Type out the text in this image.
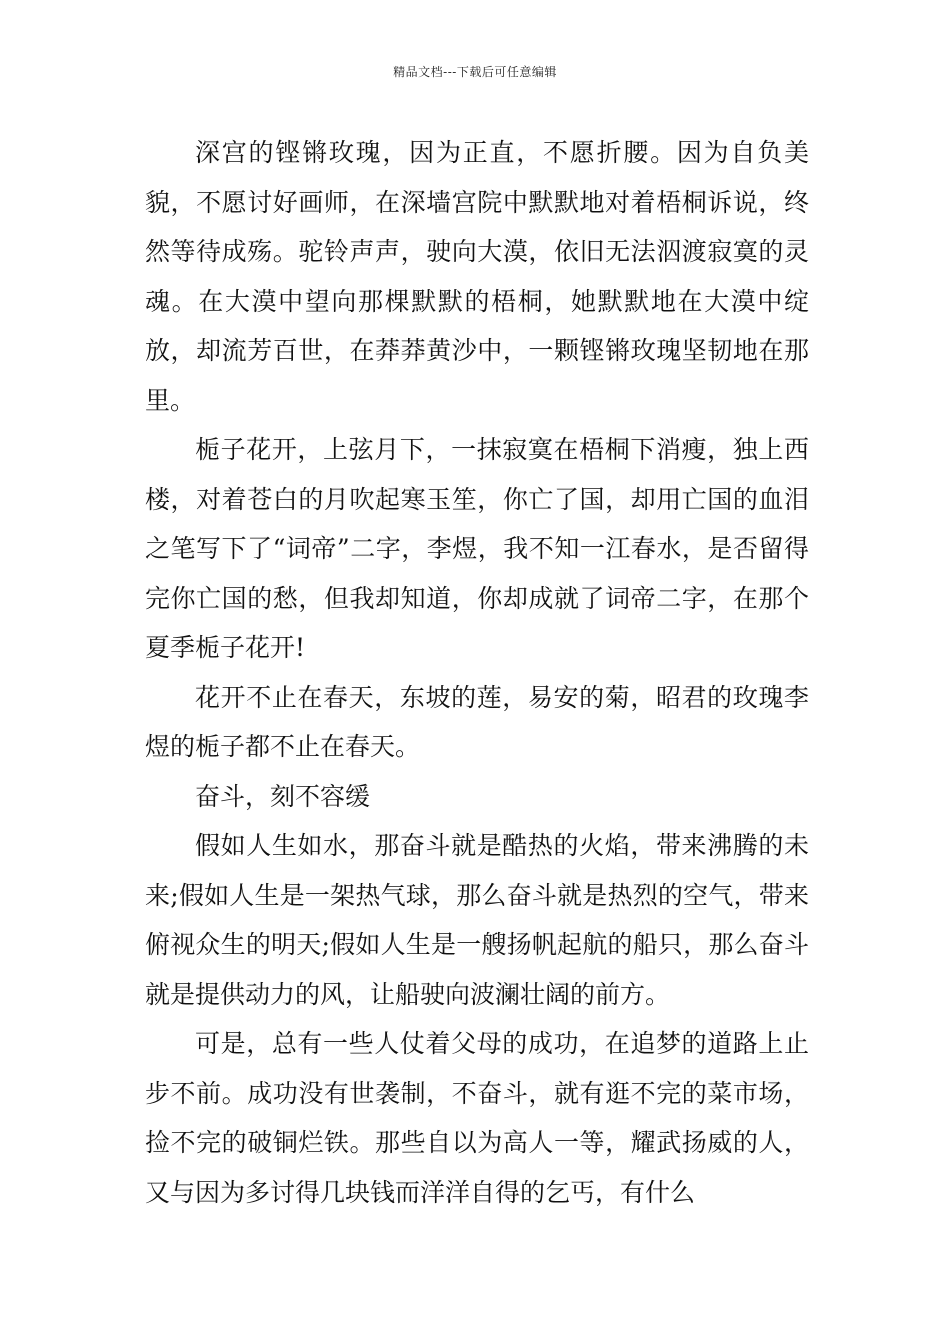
精品文档---下载后可任意编辑

深宫的铿锵玫瑰，因为正直，不愿折腰。因为自负美貌，不愿讨好画师，在深墙宫院中默默地对着梧桐诉说，终然等待成殇。驼铃声声，驶向大漠，依旧无法泅渡寂寞的灵魂。在大漠中望向那棵默默的梧桐，她默默地在大漠中绽放，却流芳百世，在莽莽黄沙中，一颗铿锵玫瑰坚韧地在那里。

栀子花开，上弦月下，一抹寂寞在梧桐下消瘦，独上西楼，对着苍白的月吹起寒玉笙，你亡了国，却用亡国的血泪之笔写下了“词帝”二字，李煜，我不知一江春水，是否留得完你亡国的愁，但我却知道，你却成就了词帝二字，在那个夏季栀子花开!

花开不止在春天，东坡的莲，易安的菊，昭君的玫瑰李煜的栀子都不止在春天。

奋斗，刻不容缓

假如人生如水，那奋斗就是酷热的火焰，带来沸腾的未来;假如人生是一架热气球，那么奋斗就是热烈的空气，带来俯视众生的明天;假如人生是一艘扬帆起航的船只，那么奋斗就是提供动力的风，让船驶向波澜壮阔的前方。

可是，总有一些人仗着父母的成功，在追梦的道路上止步不前。成功没有世袭制，不奋斗，就有逛不完的菜市场，捡不完的破铜烂铁。那些自以为高人一等，耀武扬威的人，又与因为多讨得几块钱而洋洋自得的乞丐，有什么
